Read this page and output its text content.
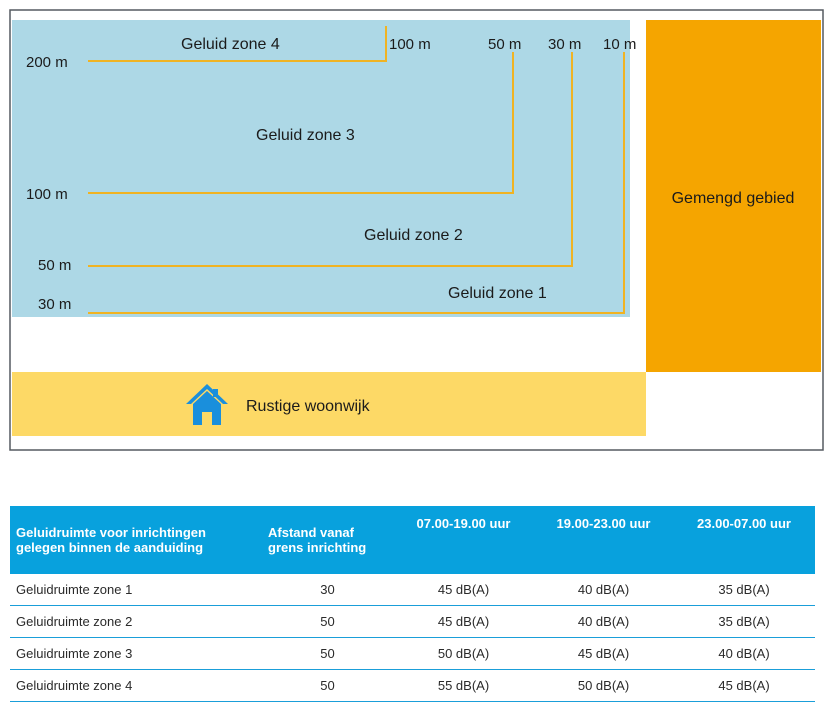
Gemengd gebied
Rustige woonwijk
Geluid zone 4
Geluid zone 3
Geluid zone 2
Geluid zone 1
200 m
100 m
50 m
30 m
100 m	50 m 30 m 10 m
Geluidruimte voor inrichtingen gelegen binnen de aanduiding	Afstand vanaf grens inrichting	07.00-19.00 uur	19.00-23.00 uur	23.00-07.00 uur
Geluidruimte zone 1	30	45 dB(A)	40 dB(A)	35 dB(A)
Geluidruimte zone 2	50	45 dB(A)	40 dB(A)	35 dB(A)
Geluidruimte zone 3	50	50 dB(A)	45 dB(A)	40 dB(A)
Geluidruimte zone 4	50	55 dB(A)	50 dB(A)	45 dB(A)
